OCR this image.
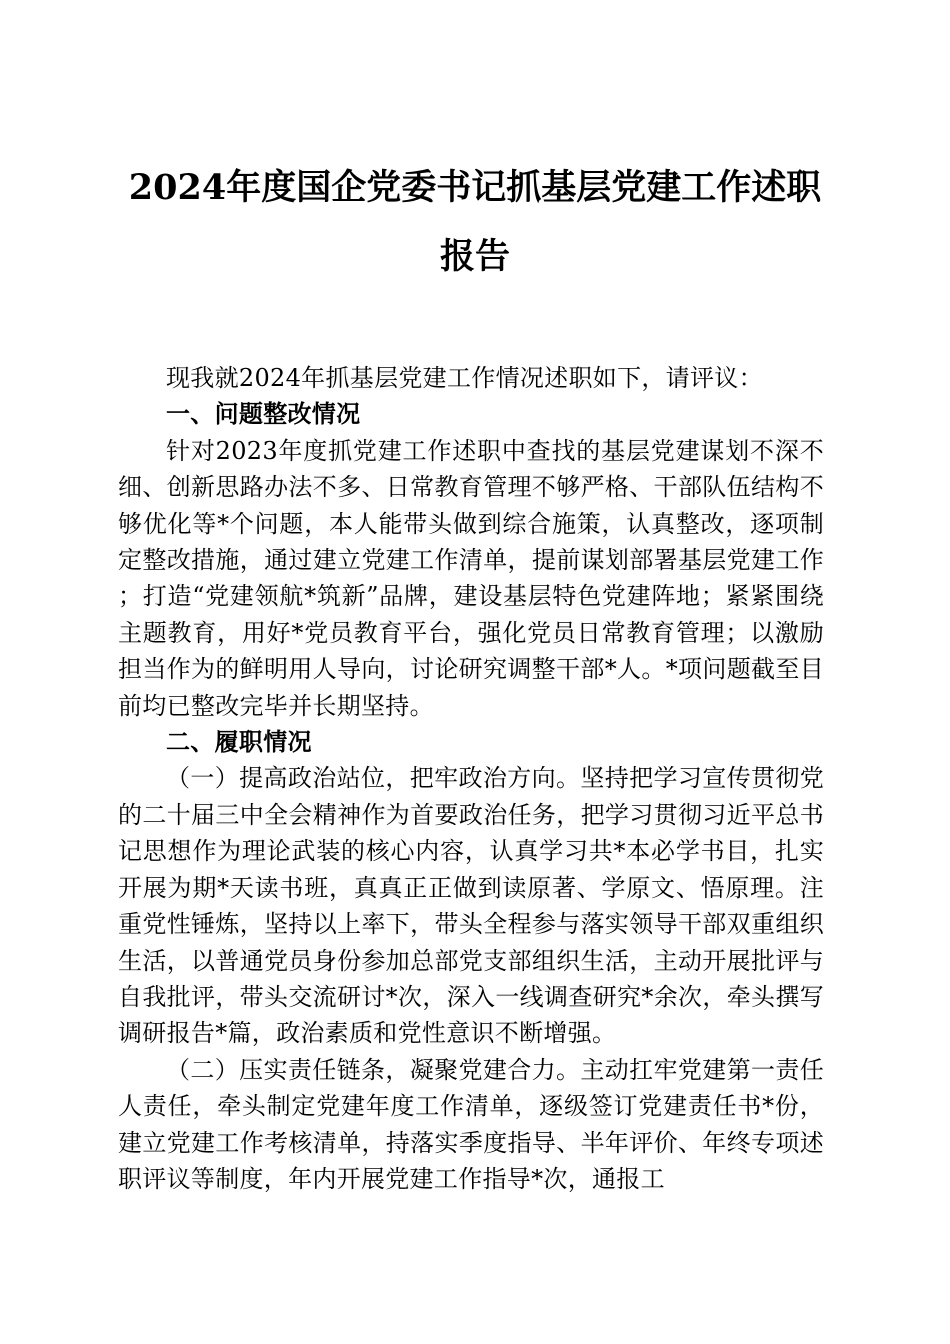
2024年度国企党委书记抓基层党建工作述职
报告

现我就2024年抓基层党建工作情况述职如下，请评议：

一、问题整改情况

针对2023年度抓党建工作述职中查找的基层党建谋划不深不细、创新思路办法不多、日常教育管理不够严格、干部队伍结构不够优化等*个问题，本人能带头做到综合施策，认真整改，逐项制定整改措施，通过建立党建工作清单，提前谋划部署基层党建工作；打造“党建领航*筑新”品牌，建设基层特色党建阵地；紧紧围绕主题教育，用好*党员教育平台，强化党员日常教育管理；以激励担当作为的鲜明用人导向，讨论研究调整干部*人。*项问题截至目前均已整改完毕并长期坚持。

二、履职情况

（一）提高政治站位，把牢政治方向。坚持把学习宣传贯彻党的二十届三中全会精神作为首要政治任务，把学习贯彻习近平总书记思想作为理论武装的核心内容，认真学习共*本必学书目，扎实开展为期*天读书班，真真正正做到读原著、学原文、悟原理。注重党性锤炼，坚持以上率下，带头全程参与落实领导干部双重组织生活，以普通党员身份参加总部党支部组织生活，主动开展批评与自我批评，带头交流研讨*次，深入一线调查研究*余次，牵头撰写调研报告*篇，政治素质和党性意识不断增强。

（二）压实责任链条，凝聚党建合力。主动扛牢党建第一责任人责任，牵头制定党建年度工作清单，逐级签订党建责任书*份，建立党建工作考核清单，持落实季度指导、半年评价、年终专项述职评议等制度，年内开展党建工作指导*次，通报工
